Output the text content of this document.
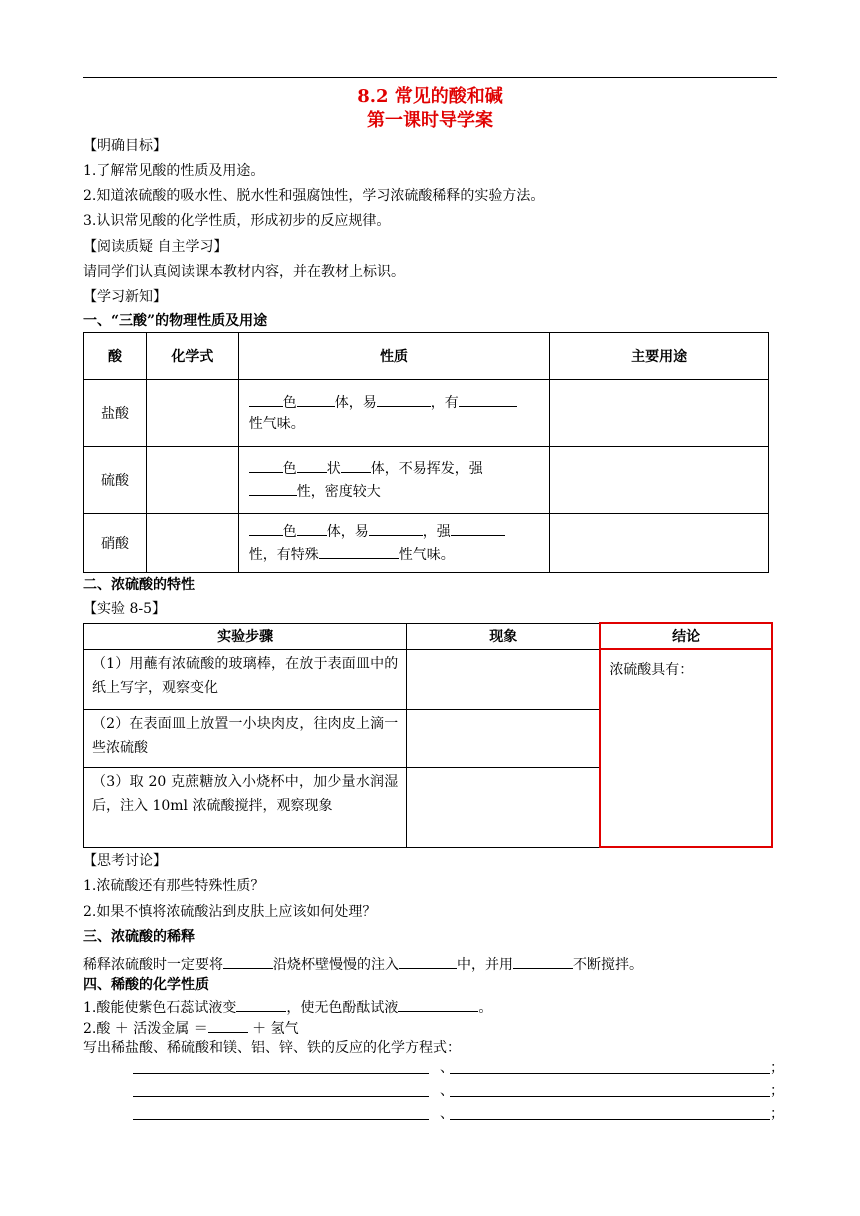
8.2 常见的酸和碱
第一课时导学案
【明确目标】
1.了解常见酸的性质及用途。
2.知道浓硫酸的吸水性、脱水性和强腐蚀性，学习浓硫酸稀释的实验方法。
3.认识常见酸的化学性质，形成初步的反应规律。
【阅读质疑 自主学习】
请同学们认真阅读课本教材内容，并在教材上标识。
【学习新知】
一、“三酸”的物理性质及用途
酸	化学式	性质	主要用途
盐酸		色 体，易 ，有
性气味。	
硫酸		色 状 体，不易挥发，强
性，密度较大	
硝酸		色 体，易 ，强
性，有特殊 性气味。	
二、浓硫酸的特性
【实验 8-5】
实验步骤	现象	结论
（1）用蘸有浓硫酸的玻璃棒，在放于表面皿中的纸上写字，观察变化		浓硫酸具有：
（2）在表面皿上放置一小块肉皮，往肉皮上滴一些浓硫酸		
（3）取 20 克蔗糖放入小烧杯中，加少量水润湿后，注入 10ml 浓硫酸搅拌，观察现象		
【思考讨论】
1.浓硫酸还有那些特殊性质？
2.如果不慎将浓硫酸沾到皮肤上应该如何处理？
三、浓硫酸的稀释
稀释浓硫酸时一定要将	沿烧杯壁慢慢的注入	中，并用	不断搅拌。
四、稀酸的化学性质
1.酸能使紫色石蕊试液变	，使无色酚酞试液	。
2.酸 ＋ 活泼金属 ＝	＋ 氢气
写出稀盐酸、稀硫酸和镁、铝、锌、铁的反应的化学方程式：
、	；
、	；
、	；
